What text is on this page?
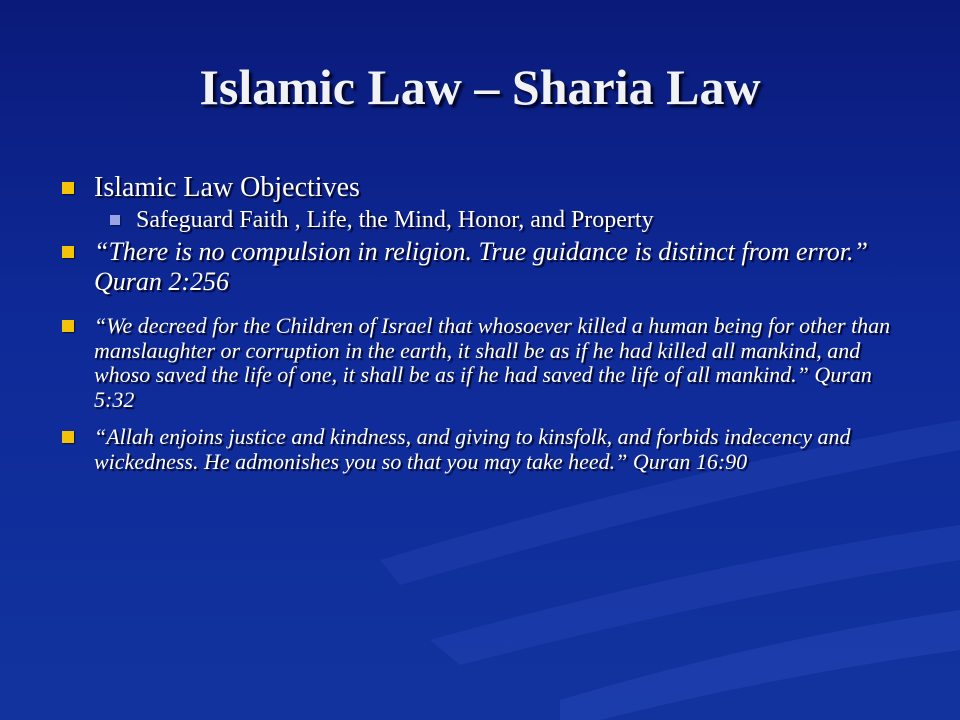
Islamic Law – Sharia Law
Islamic Law Objectives
Safeguard Faith , Life, the Mind, Honor, and Property
“There is no compulsion in religion. True guidance is distinct from error.” Quran 2:256
“We decreed for the Children of Israel that whosoever killed a human being for other than manslaughter or corruption in the earth, it shall be as if he had killed all mankind, and whoso saved the life of one, it shall be as if he had saved the life of all mankind.” Quran 5:32
“Allah enjoins justice and kindness, and giving to kinsfolk, and forbids indecency and wickedness. He admonishes you so that you may take heed.” Quran 16:90
